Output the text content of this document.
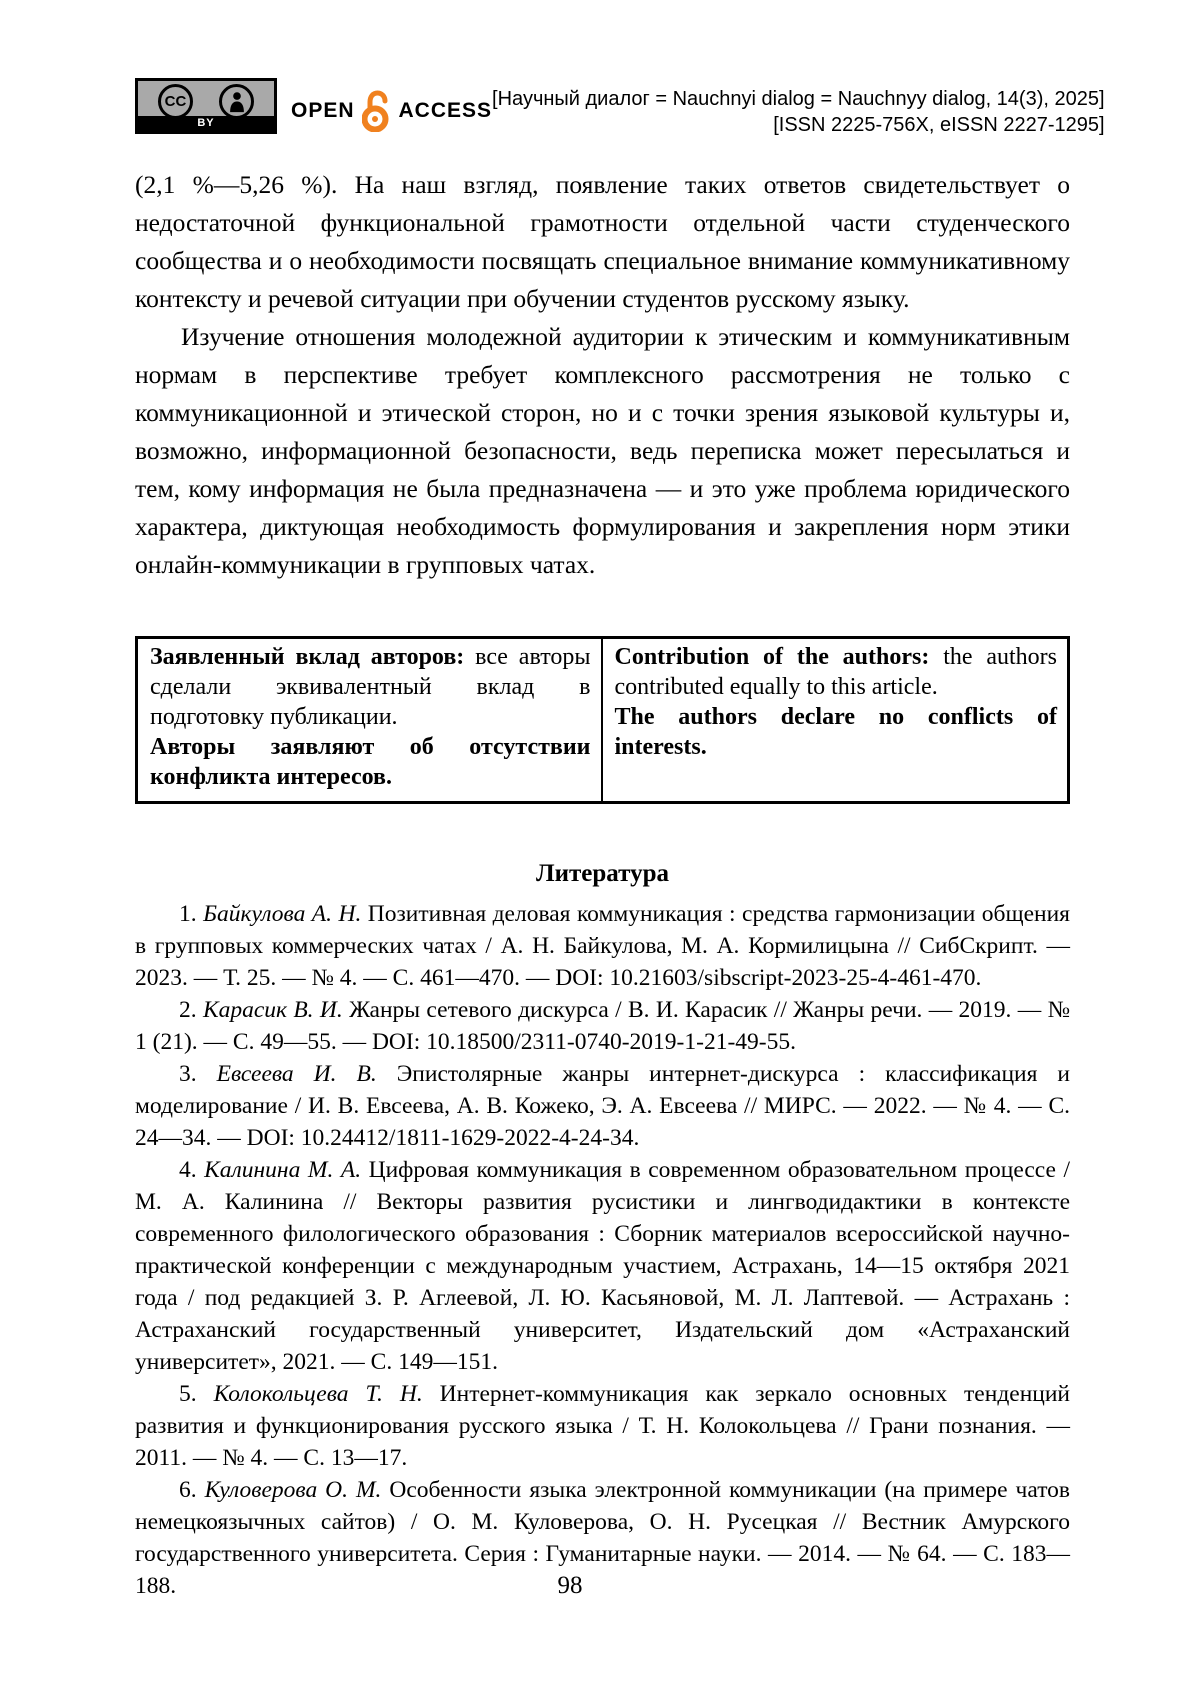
CC
BY
OPEN ACCESS [Научный диалог = Nauchnyi dialog = Nauchnyy dialog, 14(3), 2025]
[ISSN 2225-756X, eISSN 2227-1295]

(2,1 %—5,26 %). На наш взгляд, появление таких ответов свидетельствует о недостаточной функциональной грамотности отдельной части студенческого сообщества и о необходимости посвящать специальное внимание коммуникативному контексту и речевой ситуации при обучении студентов русскому языку.

Изучение отношения молодежной аудитории к этическим и коммуникативным нормам в перспективе требует комплексного рассмотрения не только с коммуникационной и этической сторон, но и с точки зрения языковой культуры и, возможно, информационной безопасности, ведь переписка может пересылаться и тем, кому информация не была предназначена — и это уже проблема юридического характера, диктующая необходимость формулирования и закрепления норм этики онлайн-коммуникации в групповых чатах.

Заявленный вклад авторов: все авторы сделали эквивалентный вклад в подготовку публикации.

Авторы заявляют об отсутствии конфликта интересов.

Contribution of the authors: the authors contributed equally to this article.

The authors declare no conflicts of interests.

Литература

1. Байкулова А. Н. Позитивная деловая коммуникация : средства гармонизации общения в групповых коммерческих чатах / А. Н. Байкулова, М. А. Кормилицына // СибСкрипт. — 2023. — Т. 25. — № 4. — С. 461—470. — DOI: 10.21603/sibscript-2023-25-4-461-470.

2. Карасик В. И. Жанры сетевого дискурса / В. И. Карасик // Жанры речи. — 2019. — № 1 (21). — С. 49—55. — DOI: 10.18500/2311-0740-2019-1-21-49-55.

3. Евсеева И. В. Эпистолярные жанры интернет-дискурса : классификация и моделирование / И. В. Евсеева, А. В. Кожеко, Э. А. Евсеева // МИРС. — 2022. — № 4. — С. 24—34. — DOI: 10.24412/1811-1629-2022-4-24-34.

4. Калинина М. А. Цифровая коммуникация в современном образовательном процессе / М. А. Калинина // Векторы развития русистики и лингводидактики в контексте современного филологического образования : Сборник материалов всероссийской научно-практической конференции с международным участием, Астрахань, 14—15 октября 2021 года / под редакцией З. Р. Аглеевой, Л. Ю. Касьяновой, М. Л. Лаптевой. — Астрахань : Астраханский государственный университет, Издательский дом «Астраханский университет», 2021. — С. 149—151.

5. Колокольцева Т. Н. Интернет-коммуникация как зеркало основных тенденций развития и функционирования русского языка / Т. Н. Колокольцева // Грани познания. — 2011. — № 4. — С. 13—17.

6. Куловерова О. М. Особенности языка электронной коммуникации (на примере чатов немецкоязычных сайтов) / О. М. Куловерова, О. Н. Русецкая // Вестник Амурского государственного университета. Серия : Гуманитарные науки. — 2014. — № 64. — С. 183—188.	98
